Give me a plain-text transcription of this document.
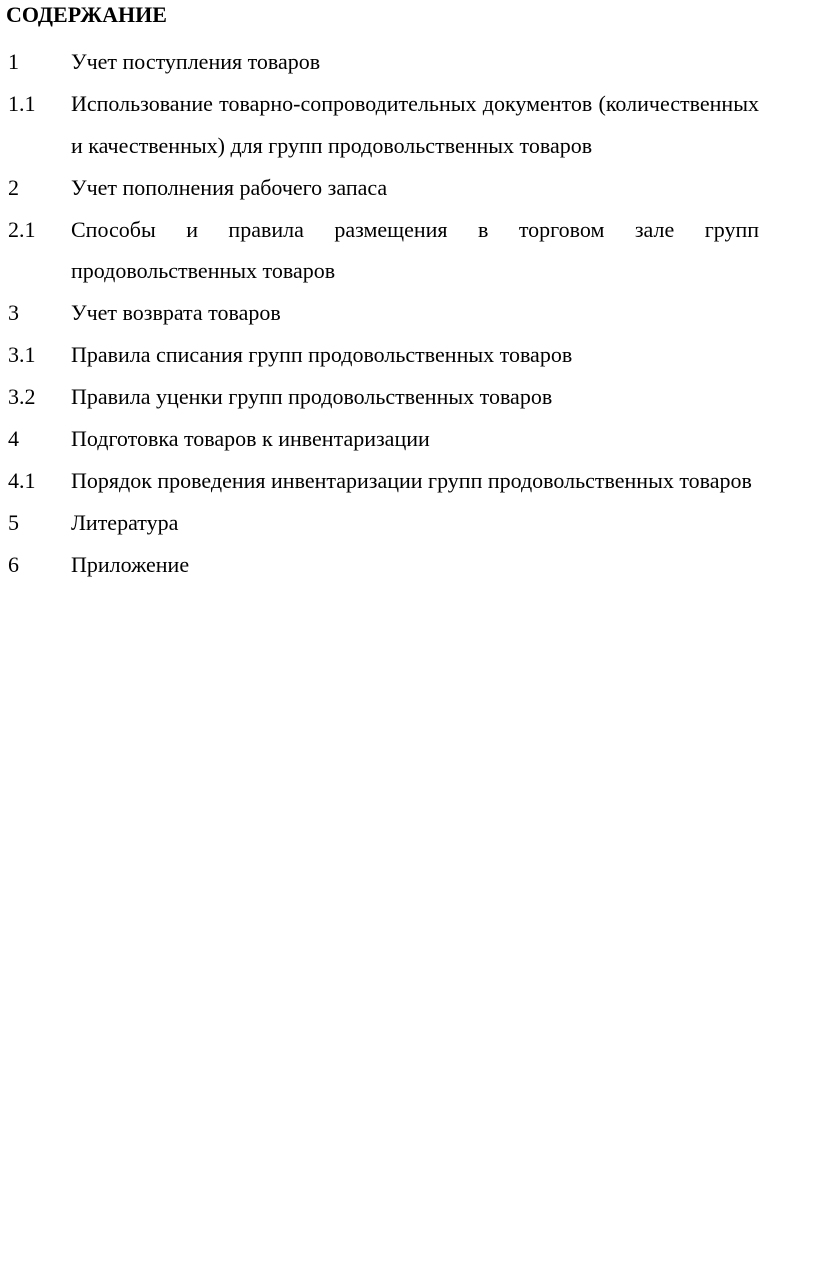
СОДЕРЖАНИЕ
1	Учет поступления товаров
1.1	Использование товарно-сопроводительных документов (количественных и качественных) для групп продовольственных товаров
2	Учет пополнения рабочего запаса
2.1	Способы и правила размещения в торговом зале групп продовольственных товаров
3	Учет возврата товаров
3.1	Правила списания групп продовольственных товаров
3.2	Правила уценки групп продовольственных товаров
4	Подготовка товаров к инвентаризации
4.1	Порядок проведения инвентаризации групп продовольственных товаров
5	Литература
6	Приложение
